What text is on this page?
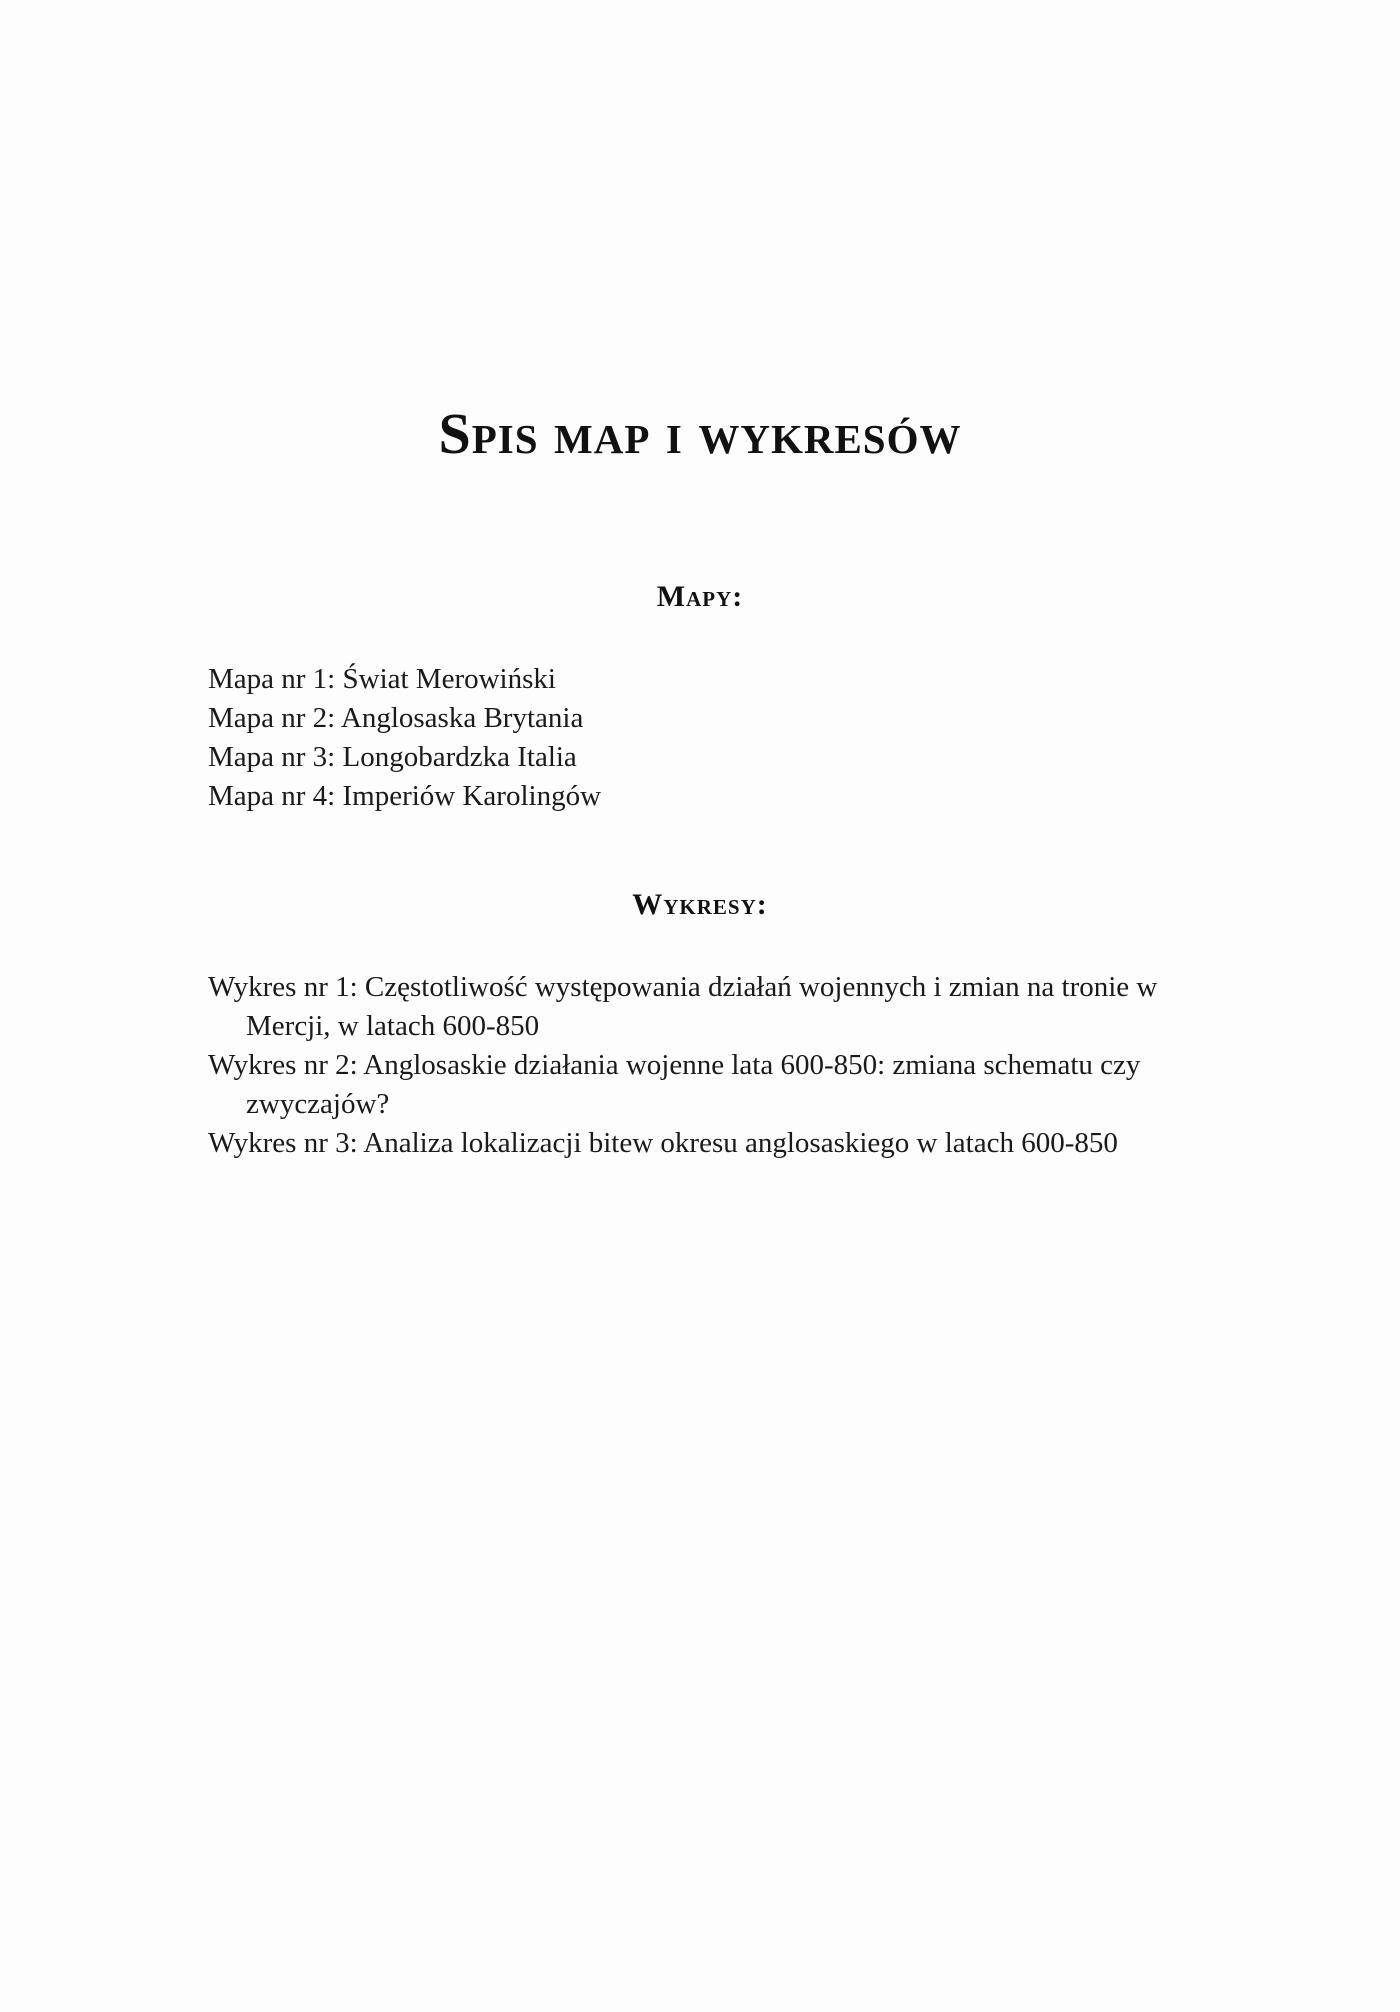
Spis map i wykresów
Mapy:
Mapa nr 1: Świat Merowiński
Mapa nr 2: Anglosaska Brytania
Mapa nr 3: Longobardzka Italia
Mapa nr 4: Imperiów Karolingów
Wykresy:
Wykres nr 1: Częstotliwość występowania działań wojennych i zmian na tronie w Mercji, w latach 600-850
Wykres nr 2: Anglosaskie działania wojenne lata 600-850: zmiana schematu czy zwyczajów?
Wykres nr 3: Analiza lokalizacji bitew okresu anglosaskiego w latach 600-850
